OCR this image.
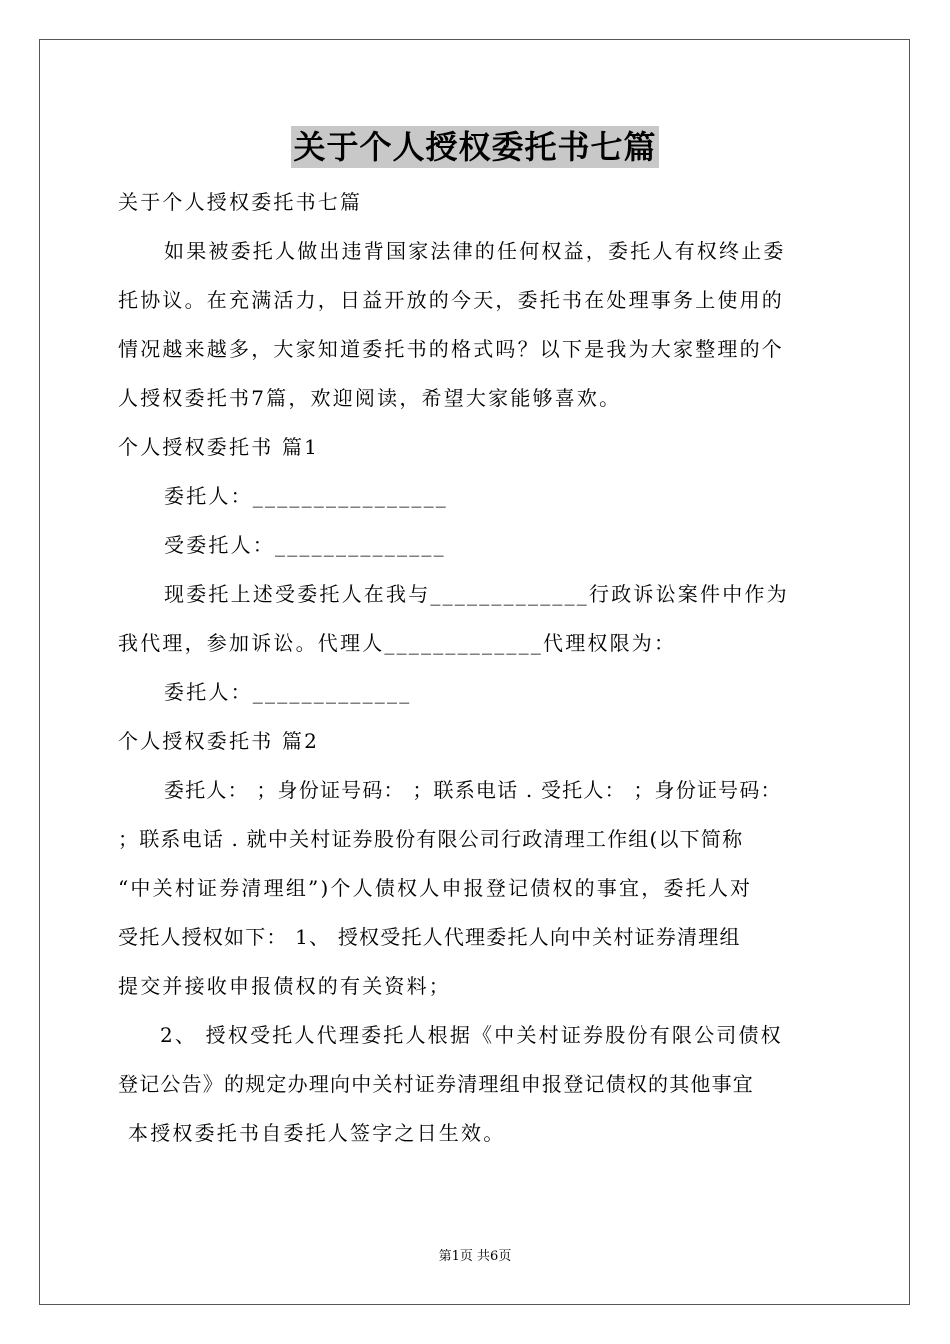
关于个人授权委托书七篇
关于个人授权委托书七篇
如果被委托人做出违背国家法律的任何权益，委托人有权终止委
托协议。在充满活力，日益开放的今天，委托书在处理事务上使用的
情况越来越多，大家知道委托书的格式吗？以下是我为大家整理的个
人授权委托书7篇，欢迎阅读，希望大家能够喜欢。
个人授权委托书 篇1
委托人：________________
受委托人：______________
现委托上述受委托人在我与_____________行政诉讼案件中作为
我代理，参加诉讼。代理人_____________代理权限为：
委托人：_____________
个人授权委托书 篇2
委托人： ；身份证号码： ；联系电话 . 受托人： ；身份证号码：
；联系电话 . 就中关村证券股份有限公司行政清理工作组(以下简称
“中关村证券清理组”)个人债权人申报登记债权的事宜，委托人对
受托人授权如下： 1、 授权受托人代理委托人向中关村证券清理组
提交并接收申报债权的有关资料；
2、 授权受托人代理委托人根据《中关村证券股份有限公司债权
登记公告》的规定办理向中关村证券清理组申报登记债权的其他事宜
本授权委托书自委托人签字之日生效。
第1页 共6页
